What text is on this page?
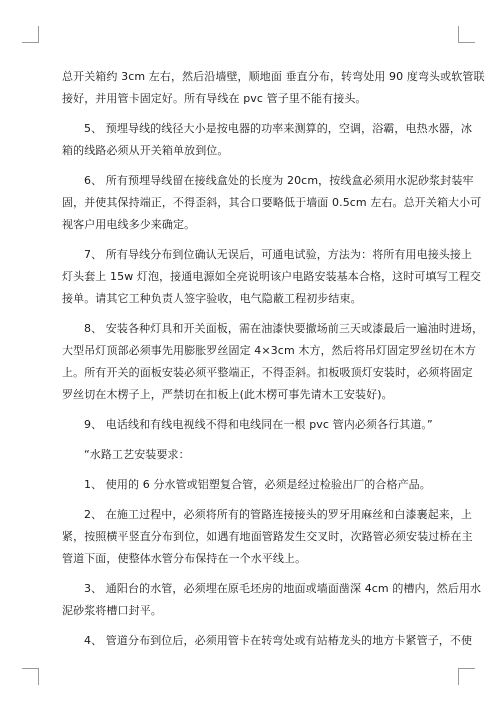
总开关箱约 3cm 左右，然后沿墙壁，顺地面 垂直分布，转弯处用 90 度弯头或软管联
接好，并用管卡固定好。所有导线在 pvc 管子里不能有接头。
5、 预埋导线的线径大小是按电器的功率来测算的，空调，浴霸，电热水器，冰
箱的线路必须从开关箱单放到位。
6、 所有预埋导线留在接线盒处的长度为 20cm，按线盒必须用水泥砂浆封装牢
固，并使其保持端正，不得歪斜，其合口要略低于墙面 0.5cm 左右。总开关箱大小可
视客户用电线多少来确定。
7、 所有导线分布到位确认无误后，可通电试验，方法为：将所有用电接头接上
灯头套上 15w 灯泡，接通电源如全亮说明该户电路安装基本合格，这时可填写工程交
接单。请其它工种负责人签字验收，电气隐蔽工程初步结束。
8、 安装各种灯具和开关面板，需在油漆快要撤场前三天或漆最后一遍油时进场，
大型吊灯顶部必须事先用膨胀罗丝固定 4×3cm 木方，然后将吊灯固定罗丝切在木方
上。所有开关的面板安装必须平整端正，不得歪斜。扣板吸顶灯安装时，必须将固定
罗丝切在木楞子上，严禁切在扣板上(此木楞可事先请木工安装好)。
9、 电话线和有线电视线不得和电线同在一根 pvc 管内必须各行其道。”
“水路工艺安装要求：
1、 使用的 6 分水管或铝塑复合管，必须是经过检验出厂的合格产品。
2、 在施工过程中，必须将所有的管路连接接头的罗牙用麻丝和白漆裹起来，上
紧，按照横平竖直分布到位，如遇有地面管路发生交叉时，次路管必须安装过桥在主
管道下面，使整体水管分布保持在一个水平线上。
3、 通阳台的水管，必须埋在原毛坯房的地面或墙面凿深 4cm 的槽内，然后用水
泥砂浆将槽口封平。
4、 管道分布到位后，必须用管卡在转弯处或有站椿龙头的地方卡紧管子，不使
